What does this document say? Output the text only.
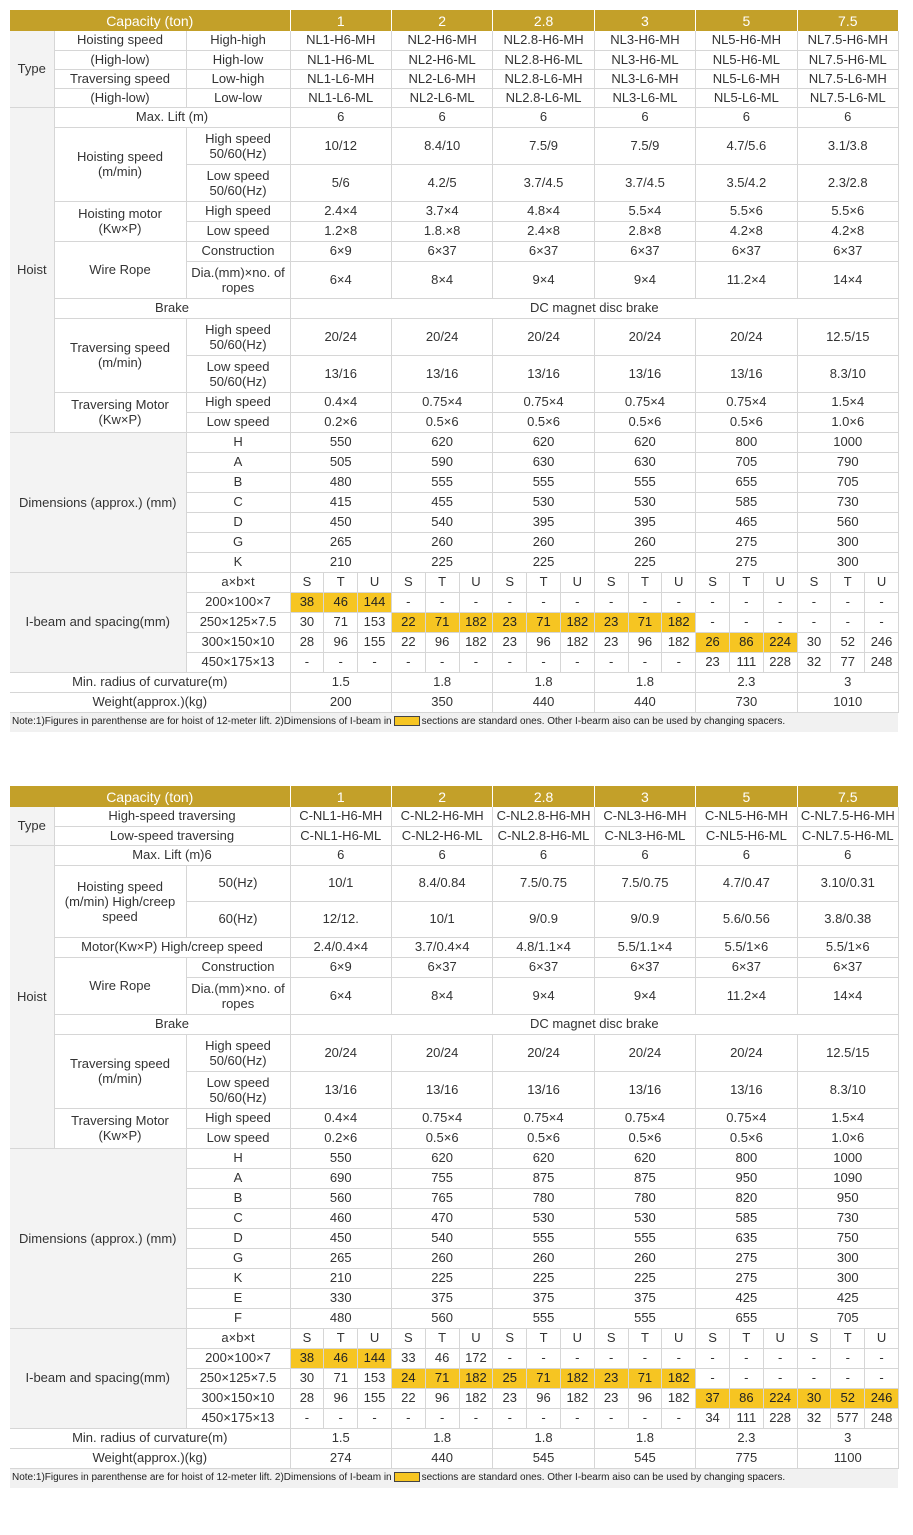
Capacity (ton)			1			2			2.8			3			5			7.5		
Type	Hoisting speed	High-high	NL1-H6-MH			NL2-H6-MH			NL2.8-H6-MH			NL3-H6-MH			NL5-H6-MH			NL7.5-H6-MH		
	(High-low)	High-low	NL1-H6-ML			NL2-H6-ML			NL2.8-H6-ML			NL3-H6-ML			NL5-H6-ML			NL7.5-H6-ML		
	Traversing speed	Low-high	NL1-L6-MH			NL2-L6-MH			NL2.8-L6-MH			NL3-L6-MH			NL5-L6-MH			NL7.5-L6-MH		
	(High-low)	Low-low	NL1-L6-ML			NL2-L6-ML			NL2.8-L6-ML			NL3-L6-ML			NL5-L6-ML			NL7.5-L6-ML		
Hoist	Max. Lift (m)		6			6			6			6			6			6		
	Hoisting speed (m/min)	High speed 50/60(Hz)	10/12			8.4/10			7.5/9			7.5/9			4.7/5.6			3.1/3.8		
		Low speed 50/60(Hz)	5/6			4.2/5			3.7/4.5			3.7/4.5			3.5/4.2			2.3/2.8		
	Hoisting motor (Kw×P)	High speed	2.4×4			3.7×4			4.8×4			5.5×4			5.5×6			5.5×6		
		Low speed	1.2×8			1.8.×8			2.4×8			2.8×8			4.2×8			4.2×8		
	Wire Rope	Construction	6×9			6×37			6×37			6×37			6×37			6×37		
		Dia.(mm)×no. of ropes	6×4			8×4			9×4			9×4			11.2×4			14×4		
	Brake		DC magnet disc brake																	
	Traversing speed (m/min)	High speed 50/60(Hz)	20/24			20/24			20/24			20/24			20/24			12.5/15		
		Low speed 50/60(Hz)	13/16			13/16			13/16			13/16			13/16			8.3/10		
	Traversing Motor (Kw×P)	High speed	0.4×4			0.75×4			0.75×4			0.75×4			0.75×4			1.5×4		
		Low speed	0.2×6			0.5×6			0.5×6			0.5×6			0.5×6			1.0×6		
Dimensions (approx.) (mm)		H	550			620			620			620			800			1000		
		A	505			590			630			630			705			790		
		B	480			555			555			555			655			705		
		C	415			455			530			530			585			730		
		D	450			540			395			395			465			560		
		G	265			260			260			260			275			300		
		K	210			225			225			225			275			300		
I-beam and spacing(mm)		a×b×t	S	T	U	S	T	U	S	T	U	S	T	U	S	T	U	S	T	U
		200×100×7	38	46	144	-	-	-	-	-	-	-	-	-	-	-	-	-	-	-
		250×125×7.5	30	71	153	22	71	182	23	71	182	23	71	182	-	-	-	-	-	-
		300×150×10	28	96	155	22	96	182	23	96	182	23	96	182	26	86	224	30	52	246
		450×175×13	-	-	-	-	-	-	-	-	-	-	-	-	23	111	228	32	77	248
Min. radius of curvature(m)			1.5			1.8			1.8			1.8			2.3			3		
Weight(approx.)(kg)			200			350			440			440			730			1010		
Note:1)Figures in parenthense are for hoist of 12-meter lift. 2)Dimensions of I-beam in	sections are standard ones. Other I-bearm aiso can be used by changing spacers.
Capacity (ton)			1			2			2.8			3			5			7.5		
Type	High-speed traversing		C-NL1-H6-MH			C-NL2-H6-MH			C-NL2.8-H6-MH			C-NL3-H6-MH			C-NL5-H6-MH			C-NL7.5-H6-MH		
	Low-speed traversing		C-NL1-H6-ML			C-NL2-H6-ML			C-NL2.8-H6-ML			C-NL3-H6-ML			C-NL5-H6-ML			C-NL7.5-H6-ML		
Hoist	Max. Lift (m)6		6			6			6			6			6			6		
	Hoisting speed (m/min) High/creep speed	50(Hz)	10/1			8.4/0.84			7.5/0.75			7.5/0.75			4.7/0.47			3.10/0.31		
		60(Hz)	12/12.			10/1			9/0.9			9/0.9			5.6/0.56			3.8/0.38		
	Motor(Kw×P) High/creep speed		2.4/0.4×4			3.7/0.4×4			4.8/1.1×4			5.5/1.1×4			5.5/1×6			5.5/1×6		
	Wire Rope	Construction	6×9			6×37			6×37			6×37			6×37			6×37		
		Dia.(mm)×no. of ropes	6×4			8×4			9×4			9×4			11.2×4			14×4		
	Brake		DC magnet disc brake																	
	Traversing speed (m/min)	High speed 50/60(Hz)	20/24			20/24			20/24			20/24			20/24			12.5/15		
		Low speed 50/60(Hz)	13/16			13/16			13/16			13/16			13/16			8.3/10		
	Traversing Motor (Kw×P)	High speed	0.4×4			0.75×4			0.75×4			0.75×4			0.75×4			1.5×4		
		Low speed	0.2×6			0.5×6			0.5×6			0.5×6			0.5×6			1.0×6		
Dimensions (approx.) (mm)		H	550			620			620			620			800			1000		
		A	690			755			875			875			950			1090		
		B	560			765			780			780			820			950		
		C	460			470			530			530			585			730		
		D	450			540			555			555			635			750		
		G	265			260			260			260			275			300		
		K	210			225			225			225			275			300		
		E	330			375			375			375			425			425		
		F	480			560			555			555			655			705		
I-beam and spacing(mm)		a×b×t	S	T	U	S	T	U	S	T	U	S	T	U	S	T	U	S	T	U
		200×100×7	38	46	144	33	46	172	-	-	-	-	-	-	-	-	-	-	-	-
		250×125×7.5	30	71	153	24	71	182	25	71	182	23	71	182	-	-	-	-	-	-
		300×150×10	28	96	155	22	96	182	23	96	182	23	96	182	37	86	224	30	52	246
		450×175×13	-	-	-	-	-	-	-	-	-	-	-	-	34	111	228	32	577	248
Min. radius of curvature(m)			1.5			1.8			1.8			1.8			2.3			3		
Weight(approx.)(kg)			274			440			545			545			775			1100		
Note:1)Figures in parenthense are for hoist of 12-meter lift. 2)Dimensions of I-beam in	sections are standard ones. Other I-bearm aiso can be used by changing spacers.
